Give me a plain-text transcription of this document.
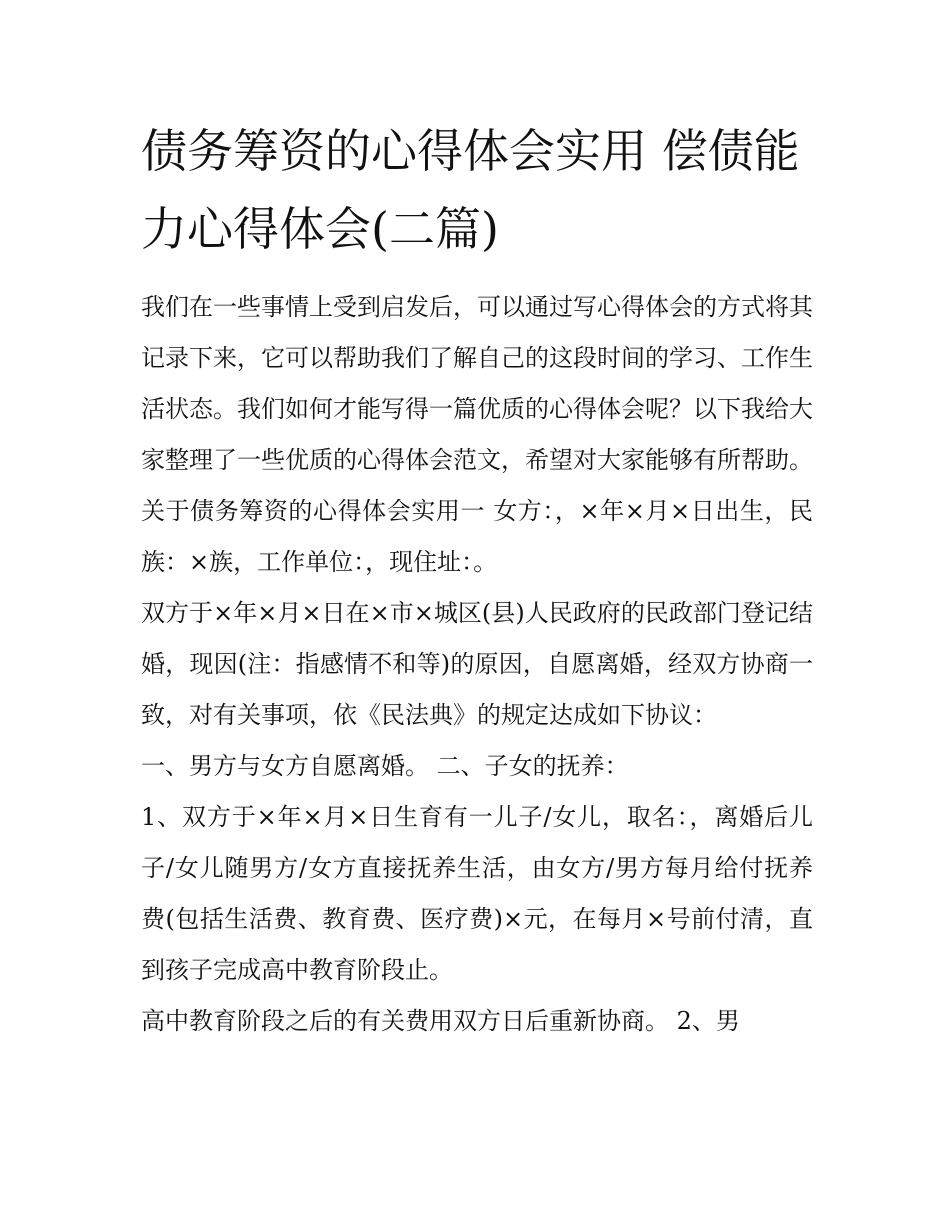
债务筹资的心得体会实用 偿债能力心得体会(二篇)

我们在一些事情上受到启发后，可以通过写心得体会的方式将其记录下来，它可以帮助我们了解自己的这段时间的学习、工作生活状态。我们如何才能写得一篇优质的心得体会呢？以下我给大家整理了一些优质的心得体会范文，希望对大家能够有所帮助。

关于债务筹资的心得体会实用一 女方：，×年×月×日出生，民族：×族，工作单位：，现住址：。

双方于×年×月×日在×市×城区(县)人民政府的民政部门登记结婚，现因(注：指感情不和等)的原因，自愿离婚，经双方协商一致，对有关事项，依《民法典》的规定达成如下协议：

一、男方与女方自愿离婚。 二、子女的抚养：

1、双方于×年×月×日生育有一儿子/女儿，取名：，离婚后儿子/女儿随男方/女方直接抚养生活，由女方/男方每月给付抚养费(包括生活费、教育费、医疗费)×元，在每月×号前付清，直到孩子完成高中教育阶段止。

高中教育阶段之后的有关费用双方日后重新协商。 2、男
